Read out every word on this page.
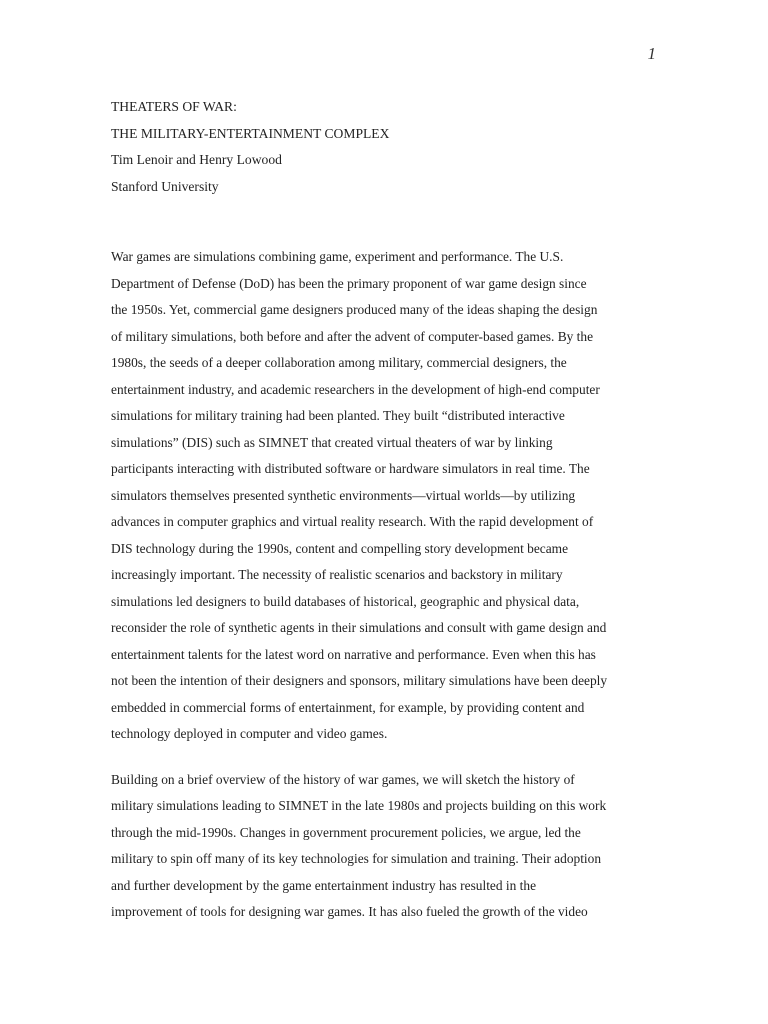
1
THEATERS OF WAR:
THE MILITARY-ENTERTAINMENT COMPLEX
Tim Lenoir and Henry Lowood
Stanford University
War games are simulations combining game, experiment and performance. The U.S.
Department of Defense (DoD) has been the primary proponent of war game design since
the 1950s. Yet, commercial game designers produced many of the ideas shaping the design
of military simulations, both before and after the advent of computer-based games. By the
1980s, the seeds of a deeper collaboration among military, commercial designers, the
entertainment industry, and academic researchers in the development of high-end computer
simulations for military training had been planted. They built “distributed interactive
simulations” (DIS) such as SIMNET that created virtual theaters of war by linking
participants interacting with distributed software or hardware simulators in real time. The
simulators themselves presented synthetic environments—virtual worlds—by utilizing
advances in computer graphics and virtual reality research. With the rapid development of
DIS technology during the 1990s, content and compelling story development became
increasingly important. The necessity of realistic scenarios and backstory in military
simulations led designers to build databases of historical, geographic and physical data,
reconsider the role of synthetic agents in their simulations and consult with game design and
entertainment talents for the latest word on narrative and performance. Even when this has
not been the intention of their designers and sponsors, military simulations have been deeply
embedded in commercial forms of entertainment, for example, by providing content and
technology deployed in computer and video games.
Building on a brief overview of the history of war games, we will sketch the history of
military simulations leading to SIMNET in the late 1980s and projects building on this work
through the mid-1990s. Changes in government procurement policies, we argue, led the
military to spin off many of its key technologies for simulation and training. Their adoption
and further development by the game entertainment industry has resulted in the
improvement of tools for designing war games. It has also fueled the growth of the video
